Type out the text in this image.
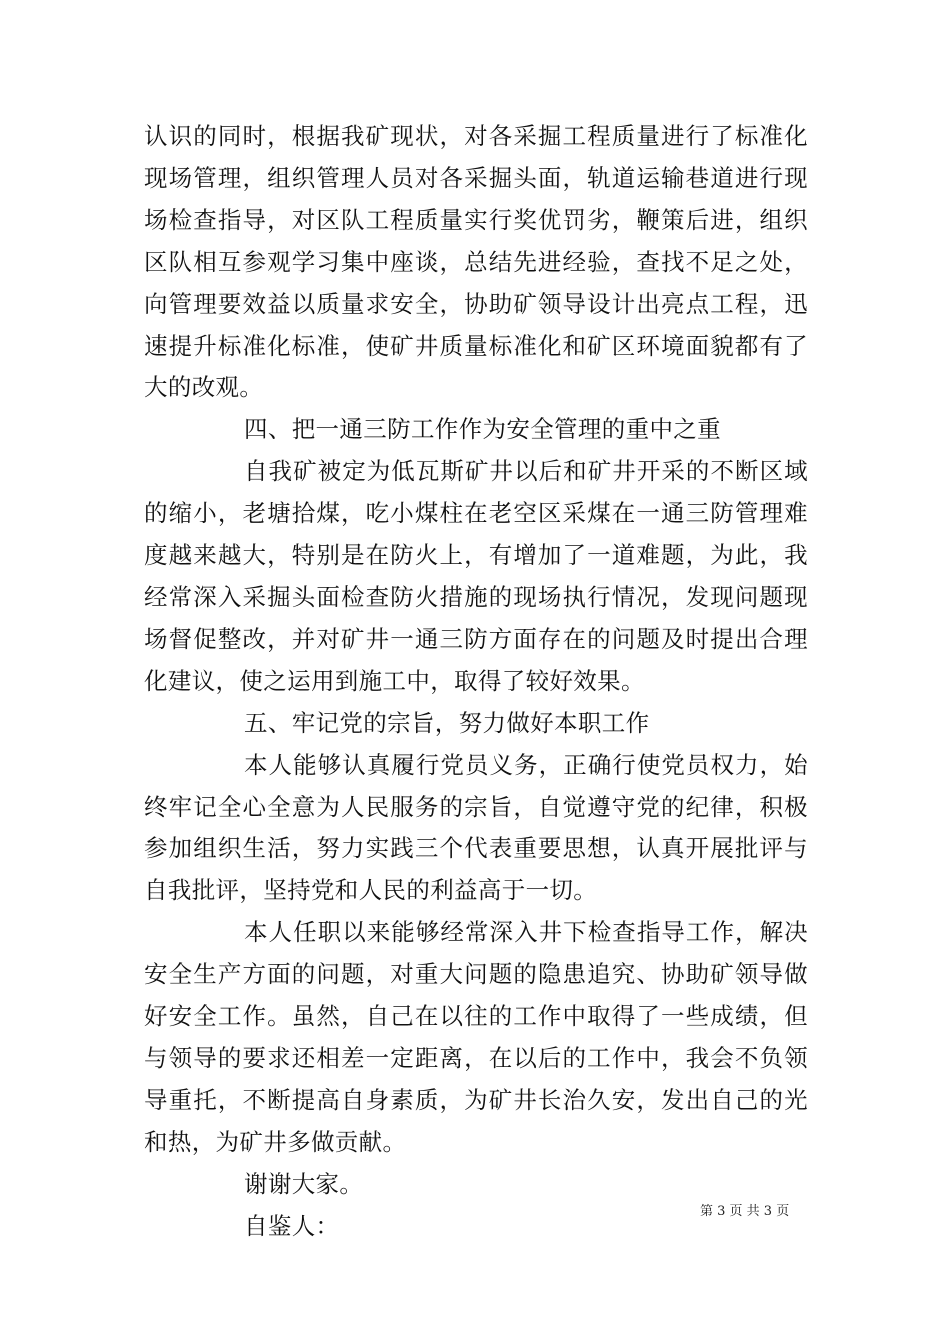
认识的同时，根据我矿现状，对各采掘工程质量进行了标准化现场管理，组织管理人员对各采掘头面，轨道运输巷道进行现场检查指导，对区队工程质量实行奖优罚劣，鞭策后进，组织区队相互参观学习集中座谈，总结先进经验，查找不足之处，向管理要效益以质量求安全，协助矿领导设计出亮点工程，迅速提升标准化标准，使矿井质量标准化和矿区环境面貌都有了大的改观。

四、把一通三防工作作为安全管理的重中之重

自我矿被定为低瓦斯矿井以后和矿井开采的不断区域的缩小，老塘拾煤，吃小煤柱在老空区采煤在一通三防管理难度越来越大，特别是在防火上，有增加了一道难题，为此，我经常深入采掘头面检查防火措施的现场执行情况，发现问题现场督促整改，并对矿井一通三防方面存在的问题及时提出合理化建议，使之运用到施工中，取得了较好效果。

五、牢记党的宗旨，努力做好本职工作

本人能够认真履行党员义务，正确行使党员权力，始终牢记全心全意为人民服务的宗旨，自觉遵守党的纪律，积极参加组织生活，努力实践三个代表重要思想，认真开展批评与自我批评，坚持党和人民的利益高于一切。

本人任职以来能够经常深入井下检查指导工作，解决安全生产方面的问题，对重大问题的隐患追究、协助矿领导做好安全工作。虽然，自己在以往的工作中取得了一些成绩，但与领导的要求还相差一定距离，在以后的工作中，我会不负领导重托，不断提高自身素质，为矿井长治久安，发出自己的光和热，为矿井多做贡献。

谢谢大家。

自鉴人：

第 3 页 共 3 页
